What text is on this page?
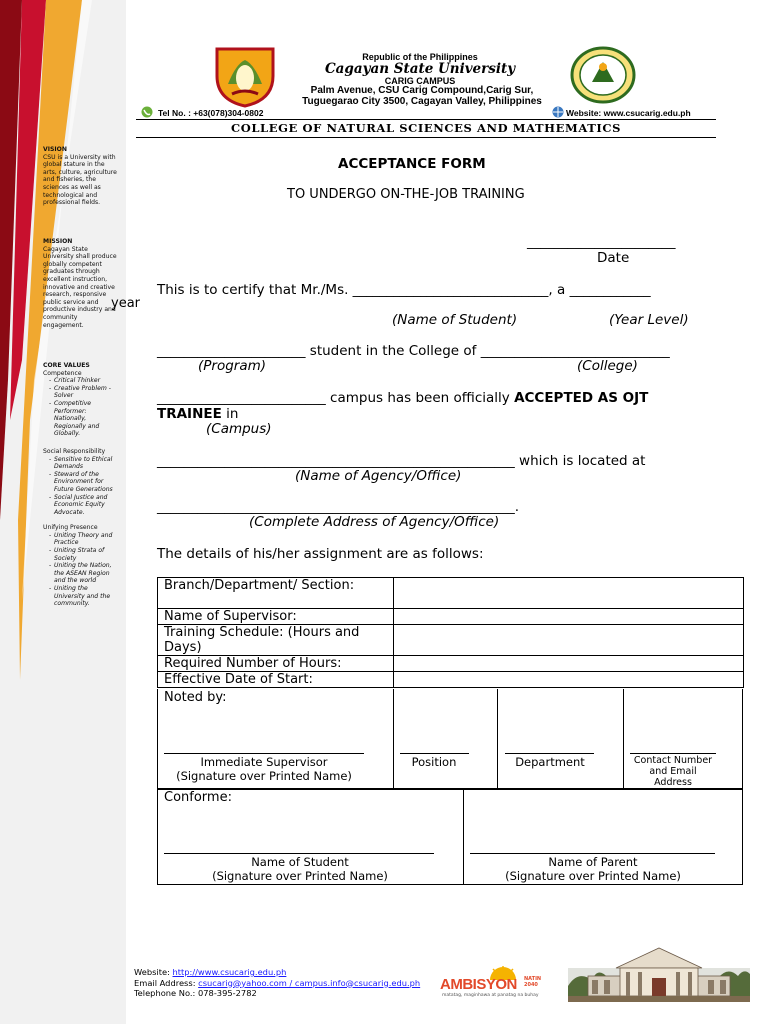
VISION
CSU is a University with global stature in the arts, culture, agriculture and fisheries, the sciences as well as technological and professional fields.
MISSION
Cagayan State University shall produce globally competent graduates through excellent instruction, innovative and creative research, responsive public service and productive industry and community engagement.
CORE VALUES
Competence
- Critical Thinker
- Creative Problem -Solver
- Competitive Performer: Nationally, Regionally and Globally.
Social Responsibility
- Sensitive to Ethical Demands
- Steward of the Environment for Future Generations
- Social Justice and Economic Equity Advocate.
Unifying Presence
- Uniting Theory and Practice
- Uniting Strata of Society
- Uniting the Nation, the ASEAN Region and the world
- Uniting the University and the community.
year
Republic of the Philippines
Cagayan State University
CARIG CAMPUS
Palm Avenue, CSU Carig Compound,Carig Sur,
Tuguegarao City 3500, Cagayan Valley, Philippines
Tel No. : +63(078)304-0802	Website: www.csucarig.edu.ph
COLLEGE OF NATURAL SCIENCES AND MATHEMATICS
ACCEPTANCE FORM
TO UNDERGO ON-THE-JOB TRAINING
______________________
Date
This is to certify that Mr./Ms. _____________________________, a ____________
(Name of Student)	(Year Level)
______________________ student in the College of ____________________________
(Program)	(College)
_________________________ campus has been officially ACCEPTED AS OJT
TRAINEE in
(Campus)
_____________________________________________________ which is located at
(Name of Agency/Office)
_____________________________________________________.
(Complete Address of Agency/Office)
The details of his/her assignment are as follows:
Branch/Department/ Section:	
Name of Supervisor:	
Training Schedule: (Hours and Days)	
Required Number of Hours:	
Effective Date of Start:	
Noted by:
Immediate Supervisor
(Signature over Printed Name)
Position	Department	Contact Number
and Email
Address
Conforme:
Name of Student
(Signature over Printed Name)
Name of Parent
(Signature over Printed Name)
Website: http://www.csucarig.edu.ph
Email Address: csucarig@yahoo.com / campus.info@csucarig.edu.ph
Telephone No.: 078-395-2782	AMBISYON NATIN 2040
matatag, maginhawa at panatag na buhay
